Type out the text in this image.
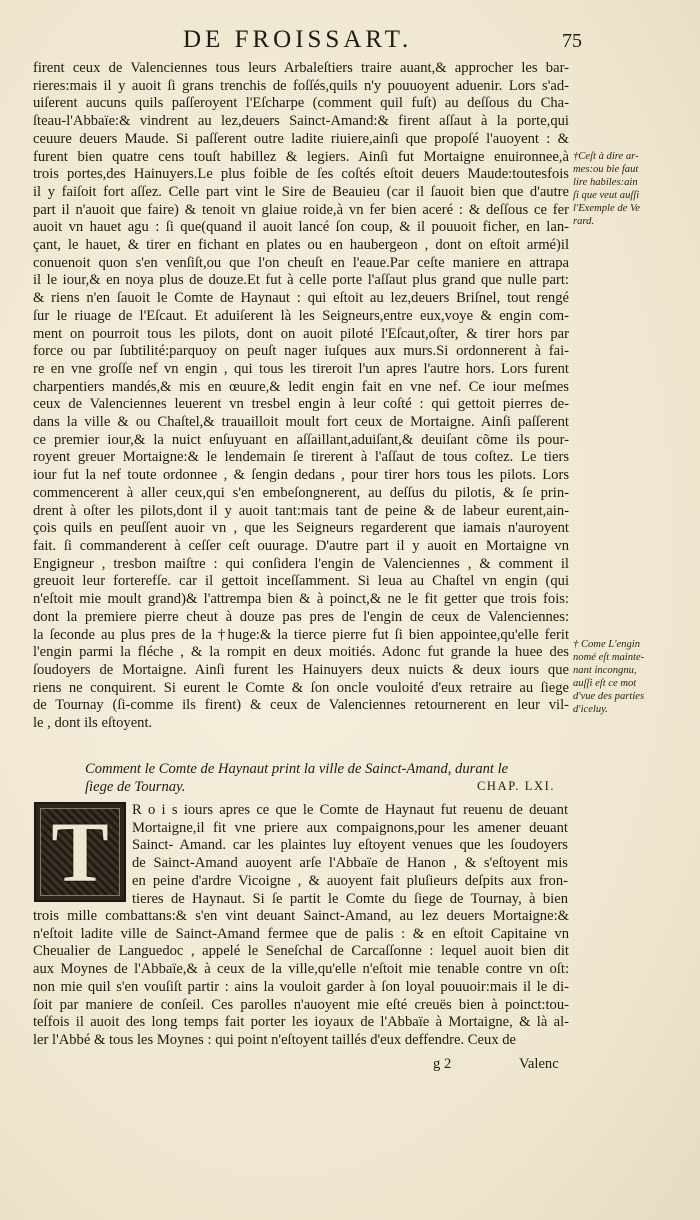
DE FROISSART.	75

firent ceux de Valenciennes tous leurs Arbaleſtiers traire auant,& approcher les bar-
rieres:mais il y auoit ſi grans trenchis de foſſés,quils n'y pouuoyent aduenir. Lors s'ad-
uiſerent aucuns quils paſſeroyent l'Eſcharpe (comment quil fuſt) au deſſous du Cha-
ſteau-l'Abbaïe:& vindrent au lez,deuers Sainct-Amand:& firent aſſaut à la porte,qui
ceuure deuers Maude. Si paſſerent outre ladite riuiere,ainſi que propoſé l'auoyent : &
furent bien quatre cens touſt habillez & legiers. Ainſi fut Mortaigne enuironnee,à
trois portes,des Hainuyers.Le plus foible de ſes coſtés eſtoit deuers Maude:toutesfois
il y faiſoit fort aſſez. Celle part vint le Sire de Beauieu (car il ſauoit bien que d'autre
part il n'auoit que faire) & tenoit vn glaiue roide,à vn fer bien aceré : & deſſous ce fer
auoit vn hauet agu : ſi que(quand il auoit lancé ſon coup, & il pouuoit ficher, en lan-
çant, le hauet, & tirer en fichant en plates ou en haubergeon , dont on eſtoit armé)il
conuenoit quon s'en venſiſt,ou que l'on cheuſt en l'eaue.Par ceſte maniere en attrapa
il le iour,& en noya plus de douze.Et fut à celle porte l'aſſaut plus grand que nulle part:
& riens n'en ſauoit le Comte de Haynaut : qui eſtoit au lez,deuers Briſnel, tout rengé
ſur le riuage de l'Eſcaut. Et aduiſerent là les Seigneurs,entre eux,voye & engin com-
ment on pourroit tous les pilots, dont on auoit piloté l'Eſcaut,oſter, & tirer hors par
force ou par ſubtilité:parquoy on peuſt nager iuſques aux murs.Si ordonnerent à fai-
re en vne groſſe nef vn engin , qui tous les tireroit l'un apres l'autre hors. Lors furent
charpentiers mandés,& mis en œuure,& ledit engin fait en vne nef. Ce iour meſmes
ceux de Valenciennes leuerent vn tresbel engin à leur coſté : qui gettoit pierres de-
dans la ville & ou Chaſtel,& trauailloit moult fort ceux de Mortaigne. Ainſi paſſerent
ce premier iour,& la nuict enſuyuant en aſſaillant,aduiſant,& deuiſant cõme ils pour-
royent greuer Mortaigne:& le lendemain ſe tirerent à l'aſſaut de tous coſtez. Le tiers
iour fut la nef toute ordonnee , & ſengin dedans , pour tirer hors tous les pilots. Lors
commencerent à aller ceux,qui s'en embeſongnerent, au deſſus du pilotis, & ſe prin-
drent à oſter les pilots,dont il y auoit tant:mais tant de peine & de labeur eurent,ain-
çois quils en peuſſent auoir vn , que les Seigneurs regarderent que iamais n'auroyent
fait. ſi commanderent à ceſſer ceſt ouurage. D'autre part il y auoit en Mortaigne vn
Engigneur , tresbon maiſtre : qui conſidera l'engin de Valenciennes , & comment il
greuoit leur forterefſe. car il gettoit inceſſamment. Si leua au Chaſtel vn engin (qui
n'eſtoit mie moult grand)& l'attrempa bien & à poinct,& ne le fit getter que trois fois:
dont la premiere pierre cheut à douze pas pres de l'engin de ceux de Valenciennes:
la ſeconde au plus pres de la †huge:& la tierce pierre fut ſi bien appointee,qu'elle ferit
l'engin parmi la fléche , & la rompit en deux moitiés. Adonc fut grande la huee des
ſoudoyers de Mortaigne. Ainſi furent les Hainuyers deux nuicts & deux iours que
riens ne conquirent. Si eurent le Comte & ſon oncle vouloité d'eux retraire au ſiege
de Tournay (ſi-comme ils firent) & ceux de Valenciennes retournerent en leur vil-
le , dont ils eſtoyent.

†Ceſt à dire ar-
mes:ou bie faut
lire habiles:ain
ſi que veut auſſi
l'Exemple de Ve
rard.
† Come L'engin
nomé eſt mainte-
nant incongnu,
auſſi eſt ce mot
d'vue des parties
d'iceluy.
Comment le Comte de Haynaut print la ville de Sainct-Amand, durant le
ſiege de Tournay.	CHAP. LXI.
T	R o i s iours apres ce que le Comte de Haynaut fut reuenu de deuant
Mortaigne,il fit vne priere aux compaignons,pour les amener deuant
Sainct- Amand. car les plaintes luy eſtoyent venues que les ſoudoyers
de Sainct-Amand auoyent arſe l'Abbaïe de Hanon , & s'eſtoyent mis
en peine d'ardre Vicoigne , & auoyent fait pluſieurs deſpits aux fron-
tieres de Haynaut. Si ſe partit le Comte du ſiege de Tournay, à bien
trois mille combattans:& s'en vint deuant Sainct-Amand, au lez deuers Mortaigne:&
n'eſtoit ladite ville de Sainct-Amand fermee que de palis : & en eſtoit Capitaine vn
Cheualier de Languedoc , appelé le Seneſchal de Carcaſſonne : lequel auoit bien dit
aux Moynes de l'Abbaïe,& à ceux de la ville,qu'elle n'eſtoit mie tenable contre vn oſt:
non mie quil s'en vouſiſt partir : ains la vouloit garder à ſon loyal pouuoir:mais il le di-
ſoit par maniere de conſeil. Ces parolles n'auoyent mie eſté creuës bien à poinct:tou-
teſfois il auoit des long temps fait porter les ioyaux de l'Abbaïe à Mortaigne, & là al-
ler l'Abbé & tous les Moynes : qui point n'eſtoyent taillés d'eux deffendre. Ceux de
g 2	Valenc
